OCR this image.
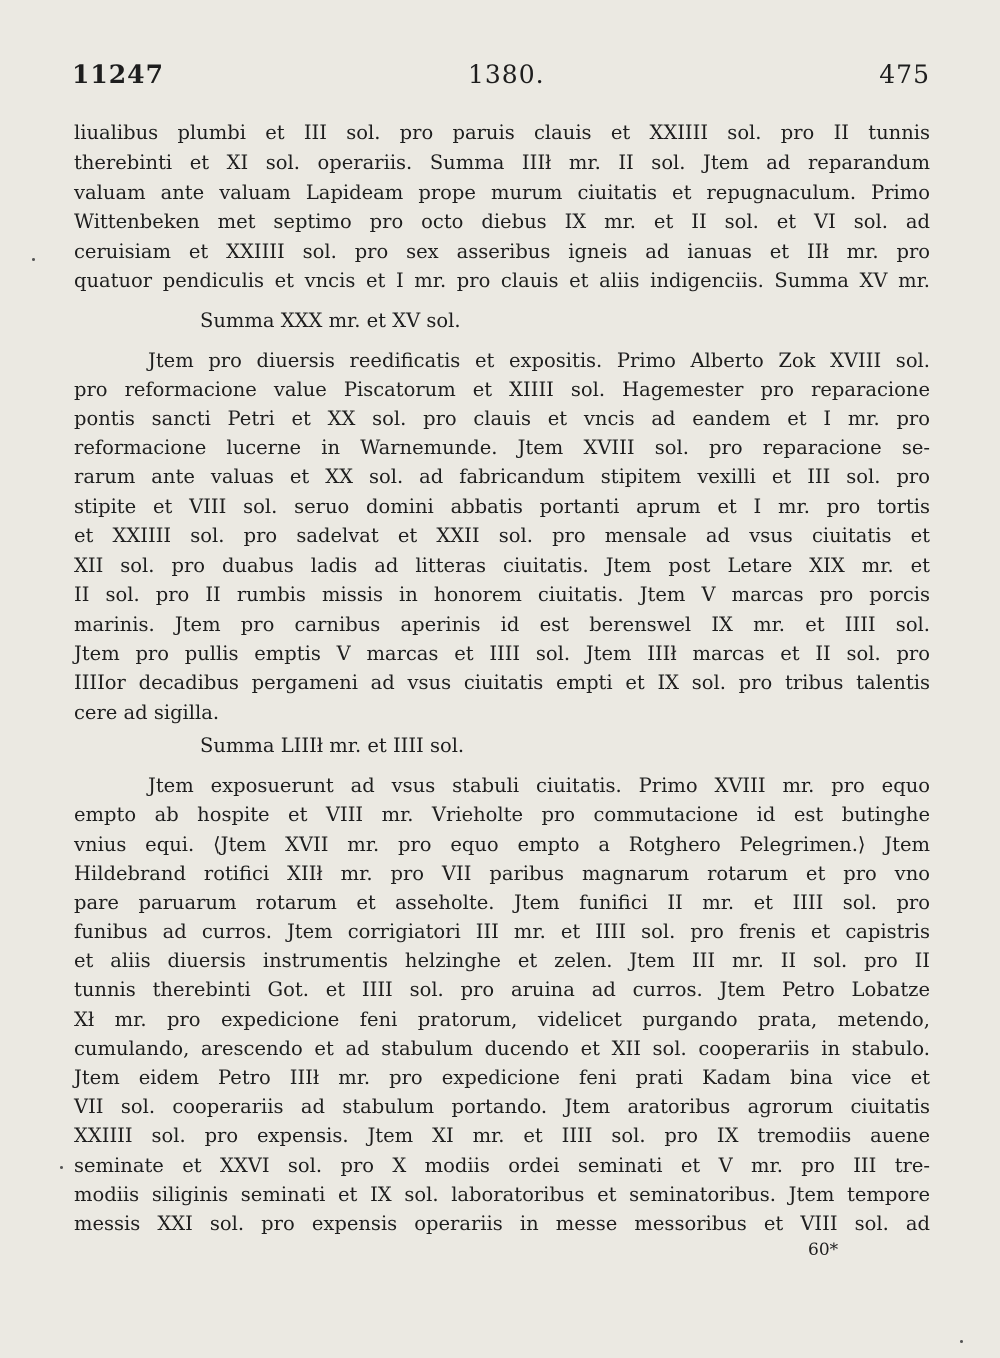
11247	1380.	475
liualibus plumbi et III sol. pro paruis clauis et XXIIII sol. pro II tunnis
therebinti et XI sol. operariis. Summa IIIł mr. II sol. Jtem ad reparandum
valuam ante valuam Lapideam prope murum ciuitatis et repugnaculum. Primo
Wittenbeken met septimo pro octo diebus IX mr. et II sol. et VI sol. ad
ceruisiam et XXIIII sol. pro sex asseribus igneis ad ianuas et IIł mr. pro
quatuor pendiculis et vncis et I mr. pro clauis et aliis indigenciis. Summa XV mr.
Summa XXX mr. et XV sol.
Jtem pro diuersis reedificatis et expositis. Primo Alberto Zok XVIII sol.
pro reformacione value Piscatorum et XIIII sol. Hagemester pro reparacione
pontis sancti Petri et XX sol. pro clauis et vncis ad eandem et I mr. pro
reformacione lucerne in Warnemunde. Jtem XVIII sol. pro reparacione se-
rarum ante valuas et XX sol. ad fabricandum stipitem vexilli et III sol. pro
stipite et VIII sol. seruo domini abbatis portanti aprum et I mr. pro tortis
et XXIIII sol. pro sadelvat et XXII sol. pro mensale ad vsus ciuitatis et
XII sol. pro duabus ladis ad litteras ciuitatis. Jtem post Letare XIX mr. et
II sol. pro II rumbis missis in honorem ciuitatis. Jtem V marcas pro porcis
marinis. Jtem pro carnibus aperinis id est berenswel IX mr. et IIII sol.
Jtem pro pullis emptis V marcas et IIII sol. Jtem IIIł marcas et II sol. pro
IIIIor decadibus pergameni ad vsus ciuitatis empti et IX sol. pro tribus talentis
cere ad sigilla.
Summa LIIIł mr. et IIII sol.
Jtem exposuerunt ad vsus stabuli ciuitatis. Primo XVIII mr. pro equo
empto ab hospite et VIII mr. Vrieholte pro commutacione id est butinghe
vnius equi. ⟨Jtem XVII mr. pro equo empto a Rotghero Pelegrimen.⟩ Jtem
Hildebrand rotifici XIIł mr. pro VII paribus magnarum rotarum et pro vno
pare paruarum rotarum et asseholte. Jtem funifici II mr. et IIII sol. pro
funibus ad curros. Jtem corrigiatori III mr. et IIII sol. pro frenis et capistris
et aliis diuersis instrumentis helzinghe et zelen. Jtem III mr. II sol. pro II
tunnis therebinti Got. et IIII sol. pro aruina ad curros. Jtem Petro Lobatze
Xł mr. pro expedicione feni pratorum, videlicet purgando prata, metendo,
cumulando, arescendo et ad stabulum ducendo et XII sol. cooperariis in stabulo.
Jtem eidem Petro IIIł mr. pro expedicione feni prati Kadam bina vice et
VII sol. cooperariis ad stabulum portando. Jtem aratoribus agrorum ciuitatis
XXIIII sol. pro expensis. Jtem XI mr. et IIII sol. pro IX tremodiis auene
seminate et XXVI sol. pro X modiis ordei seminati et V mr. pro III tre-
modiis siliginis seminati et IX sol. laboratoribus et seminatoribus. Jtem tempore
messis XXI sol. pro expensis operariis in messe messoribus et VIII sol. ad
60*
